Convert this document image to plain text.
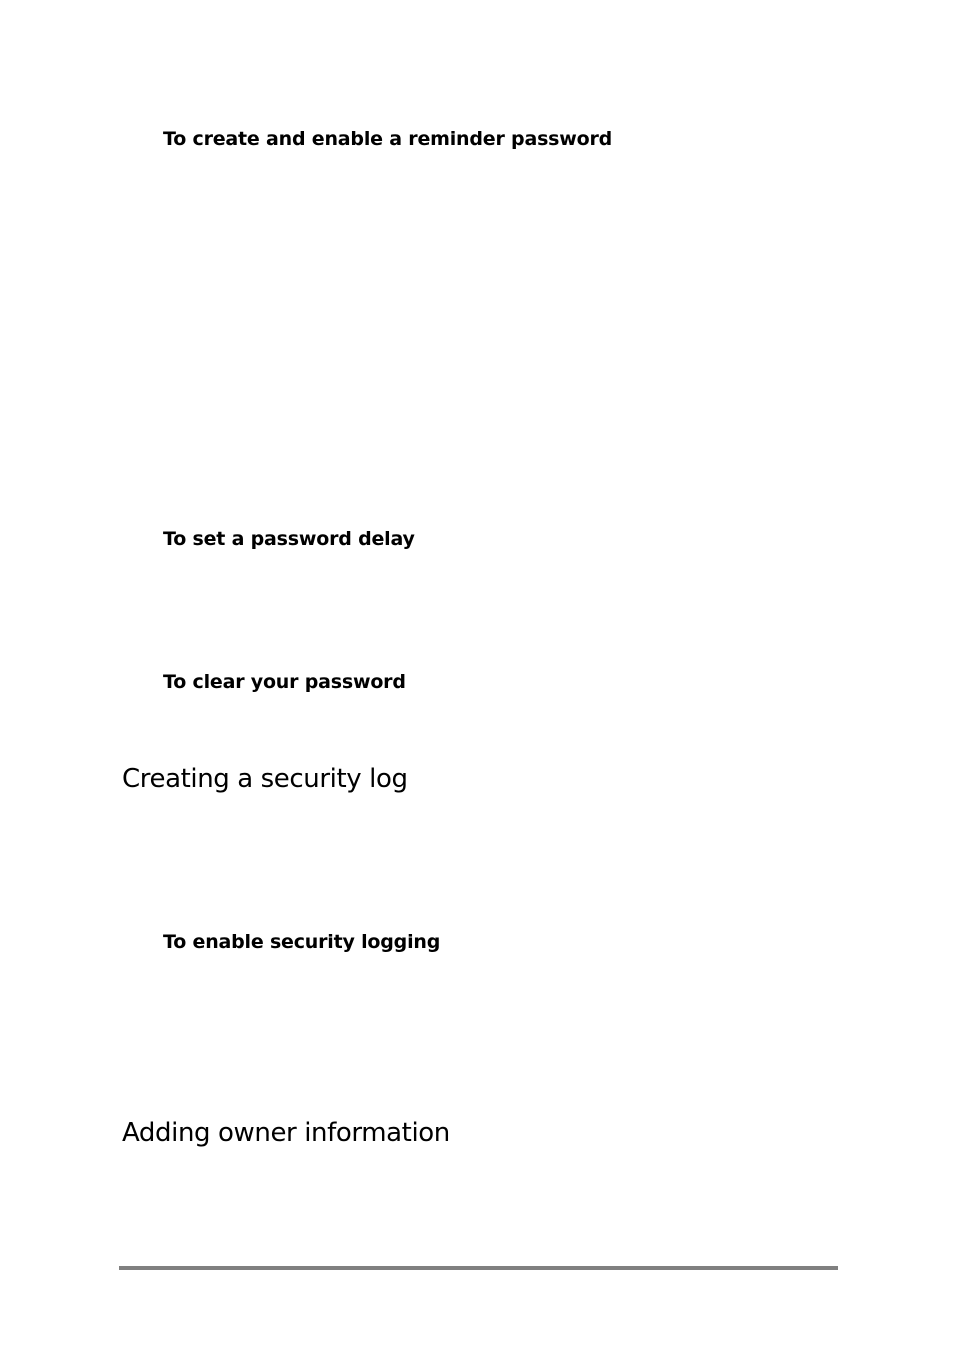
To create and enable a reminder password
To set a password delay
To clear your password
Creating a security log
To enable security logging
Adding owner information
